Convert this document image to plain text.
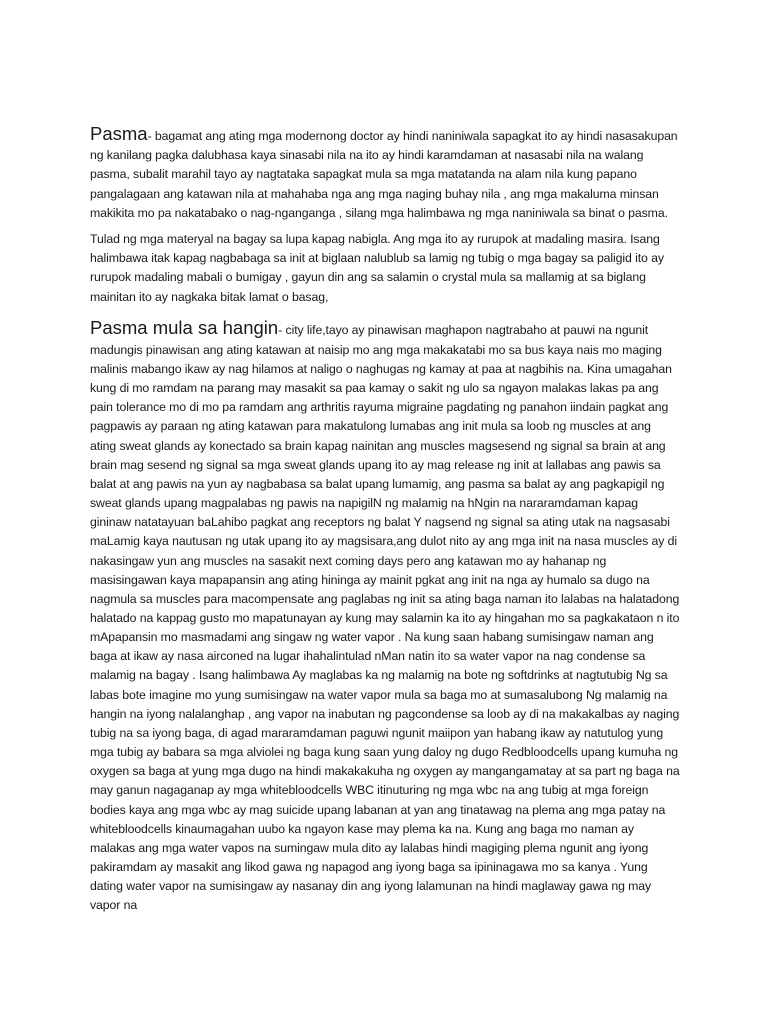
Pasma- bagamat ang ating mga modernong doctor ay hindi naniniwala sapagkat ito ay hindi nasasakupan ng kanilang pagka dalubhasa kaya sinasabi nila na ito ay hindi karamdaman at nasasabi nila na walang pasma, subalit marahil tayo ay nagtataka sapagkat mula sa mga matatanda na alam nila kung papano pangalagaan ang katawan nila at mahahaba nga ang mga naging buhay nila , ang mga makaluma minsan makikita mo pa nakatabako o nag-nganganga , silang mga halimbawa ng mga naniniwala sa binat o pasma.

Tulad ng mga materyal na bagay sa lupa kapag nabigla. Ang mga ito ay rurupok at madaling masira. Isang halimbawa itak kapag nagbabaga sa init at biglaan nalublub sa lamig ng tubig o mga bagay sa paligid ito ay rurupok madaling mabali o bumigay , gayun din ang sa salamin o crystal mula sa mallamig at sa biglang mainitan ito ay nagkaka bitak lamat o basag,

Pasma mula sa hangin- city life,tayo ay pinawisan maghapon nagtrabaho at pauwi na ngunit madungis pinawisan ang ating katawan at naisip mo ang mga makakatabi mo sa bus kaya nais mo maging malinis mabango ikaw ay nag hilamos at naligo o naghugas ng kamay at paa at nagbihis na. Kina umagahan kung di mo ramdam na parang may masakit sa paa kamay o sakit ng ulo sa ngayon malakas lakas pa ang pain tolerance mo di mo pa ramdam ang arthritis rayuma migraine pagdating ng panahon iindain pagkat ang pagpawis ay paraan ng ating katawan para makatulong lumabas ang init mula sa loob ng muscles at ang ating sweat glands ay konectado sa brain kapag nainitan ang muscles magsesend ng signal sa brain at ang brain mag sesend ng signal sa mga sweat glands upang ito ay mag release ng init at lallabas ang pawis sa balat at ang pawis na yun ay nagbabasa sa balat upang lumamig, ang pasma sa balat ay ang pagkapigil ng sweat glands upang magpalabas ng pawis na napigilN ng malamig na hNgin na nararamdaman kapag gininaw natatayuan baLahibo pagkat ang receptors ng balat Y nagsend ng signal sa ating utak na nagsasabi maLamig kaya nautusan ng utak upang ito ay magsisara,ang dulot nito ay ang mga init na nasa muscles ay di nakasingaw yun ang muscles na sasakit next coming days pero ang katawan mo ay hahanap ng masisingawan kaya mapapansin ang ating hininga ay mainit pgkat ang init na nga ay humalo sa dugo na nagmula sa muscles para macompensate ang paglabas ng init sa ating baga naman ito lalabas na halatadong halatado na kappag gusto mo mapatunayan ay kung may salamin ka ito ay hingahan mo sa pagkakataon n ito mApapansin mo masmadami ang singaw ng water vapor . Na kung saan habang sumisingaw naman ang baga at ikaw ay nasa airconed na lugar ihahalintulad nMan natin ito sa water vapor na nag condense sa malamig na bagay . Isang halimbawa Ay maglabas ka ng malamig na bote ng softdrinks at nagtutubig Ng sa labas bote imagine mo yung sumisingaw na water vapor mula sa baga mo at sumasalubong Ng malamig na hangin na iyong nalalanghap , ang vapor na inabutan ng pagcondense sa loob ay di na makakalbas ay naging tubig na sa iyong baga, di agad mararamdaman paguwi ngunit maiipon yan habang ikaw ay natutulog yung mga tubig ay babara sa mga alviolei ng baga kung saan yung daloy ng dugo Redbloodcells upang kumuha ng oxygen sa baga at yung mga dugo na hindi makakakuha ng oxygen ay mangangamatay at sa part ng baga na may ganun nagaganap ay mga whitebloodcells WBC itinuturing ng mga wbc na ang tubig at mga foreign bodies kaya ang mga wbc ay mag suicide upang labanan at yan ang tinatawag na plema ang mga patay na whitebloodcells kinaumagahan uubo ka ngayon kase may plema ka na. Kung ang baga mo naman ay malakas ang mga water vapos na sumingaw mula dito ay lalabas hindi magiging plema ngunit ang iyong pakiramdam ay masakit ang likod gawa ng napagod ang iyong baga sa ipininagawa mo sa kanya . Yung dating water vapor na sumisingaw ay nasanay din ang iyong lalamunan na hindi maglaway gawa ng may vapor na
